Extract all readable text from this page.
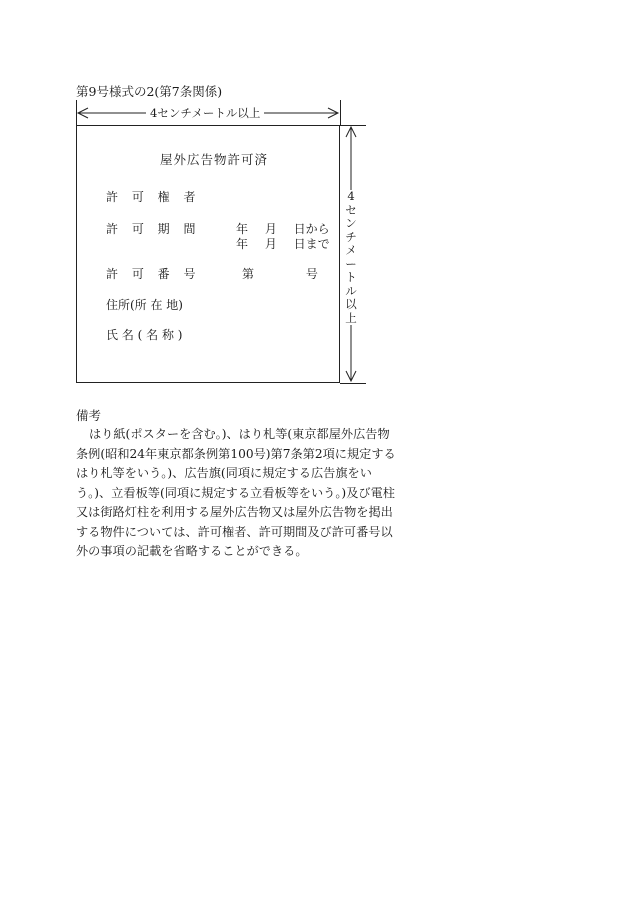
第9号様式の2(第7条関係)
4センチメートル以上
4センチメートル以上
屋外広告物許可済
許 可 権 者
許 可 期 間	年 月 日から
年 月 日まで
許 可 番 号	第 号
住所(所 在 地)
氏 名 ( 名 称 )
備考
はり紙(ポスターを含む。)、はり札等(東京都屋外広告物条例(昭和24年東京都条例第100号)第7条第2項に規定するはり札等をいう。)、広告旗(同項に規定する広告旗をいう。)、立看板等(同項に規定する立看板等をいう。)及び電柱又は街路灯柱を利用する屋外広告物又は屋外広告物を掲出する物件については、許可権者、許可期間及び許可番号以外の事項の記載を省略することができる。
